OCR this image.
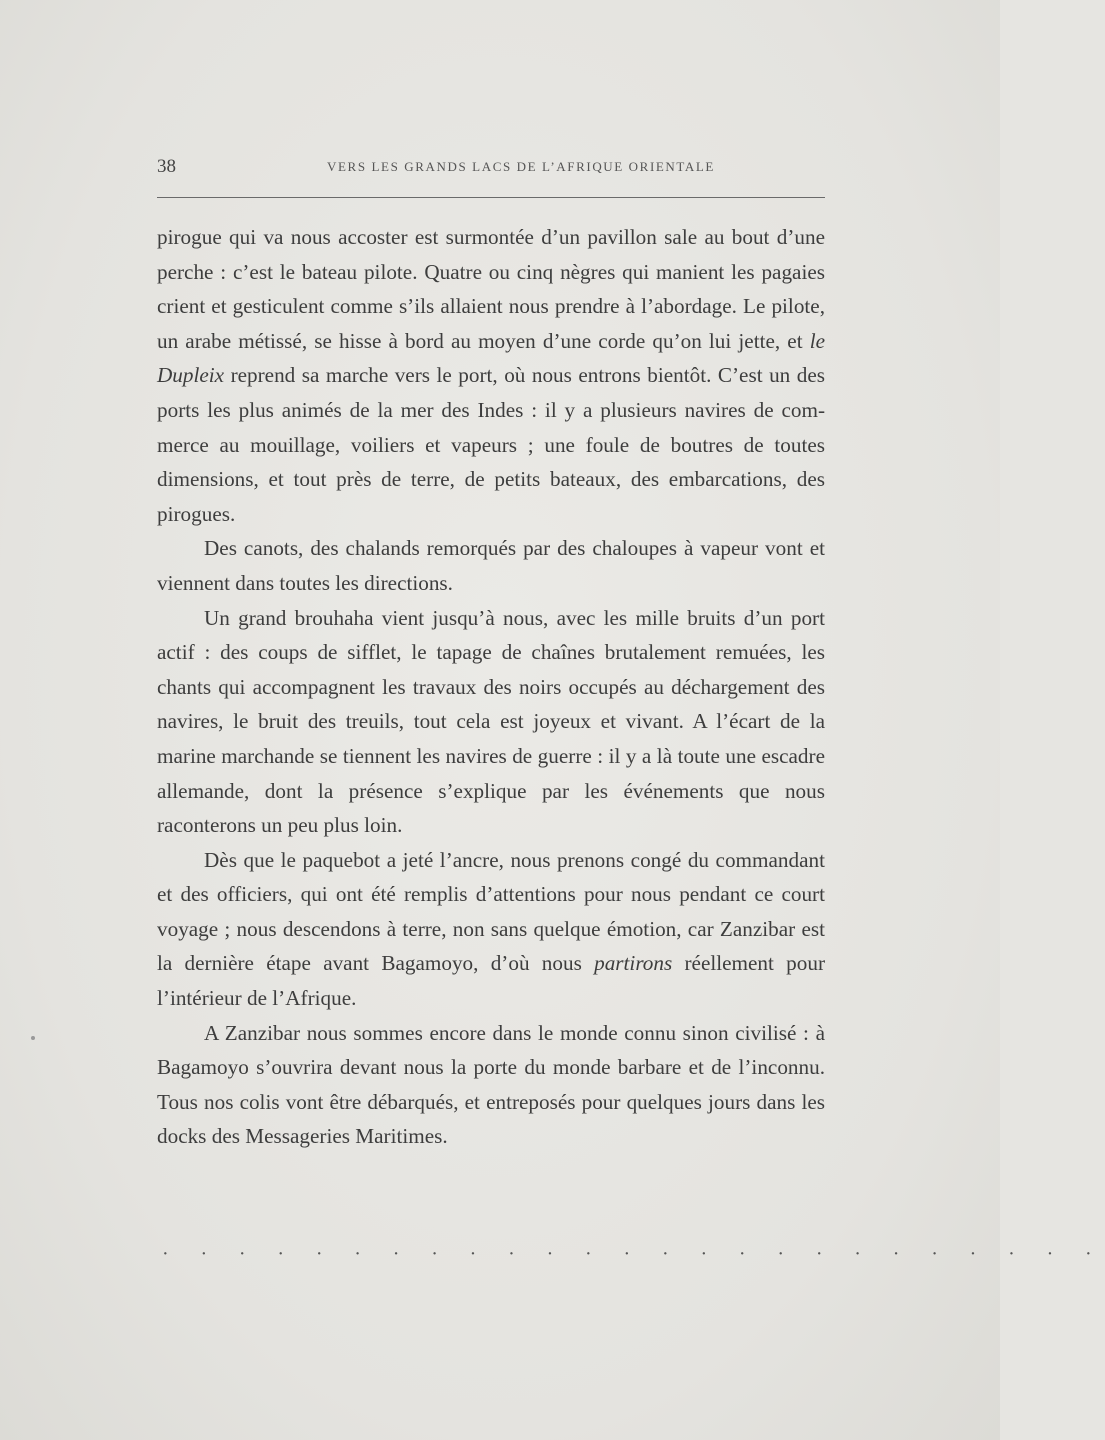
38	VERS LES GRANDS LACS DE L’AFRIQUE ORIENTALE

pirogue qui va nous accoster est surmontée d’un pavillon sale au bout d’une perche : c’est le bateau pilote. Quatre ou cinq nègres qui manient les pagaies crient et gesticulent comme s’ils allaient nous prendre à l’abordage. Le pilote, un arabe métissé, se hisse à bord au moyen d’une corde qu’on lui jette, et le Dupleix reprend sa marche vers le port, où nous entrons bientôt. C’est un des ports les plus animés de la mer des Indes : il y a plusieurs navires de commerce au mouillage, voiliers et vapeurs ; une foule de boutres de toutes dimensions, et tout près de terre, de petits bateaux, des embarcations, des pirogues.

Des canots, des chalands remorqués par des chaloupes à vapeur vont et viennent dans toutes les directions.

Un grand brouhaha vient jusqu’à nous, avec les mille bruits d’un port actif : des coups de sifflet, le tapage de chaînes brutalement remuées, les chants qui accompagnent les travaux des noirs occupés au déchargement des navires, le bruit des treuils, tout cela est joyeux et vivant. A l’écart de la marine marchande se tiennent les navires de guerre : il y a là toute une escadre allemande, dont la présence s’explique par les événements que nous raconterons un peu plus loin.

Dès que le paquebot a jeté l’ancre, nous prenons congé du commandant et des officiers, qui ont été remplis d’attentions pour nous pendant ce court voyage ; nous descendons à terre, non sans quelque émotion, car Zanzibar est la dernière étape avant Bagamoyo, d’où nous partirons réellement pour l’intérieur de l’Afrique.

A Zanzibar nous sommes encore dans le monde connu sinon civilisé : à Bagamoyo s’ouvrira devant nous la porte du monde barbare et de l’inconnu. Tous nos colis vont être débarqués, et entreposés pour quelques jours dans les docks des Messageries Maritimes.

· · · · · · · · · · · · · · · · · · · · · · · · ·
